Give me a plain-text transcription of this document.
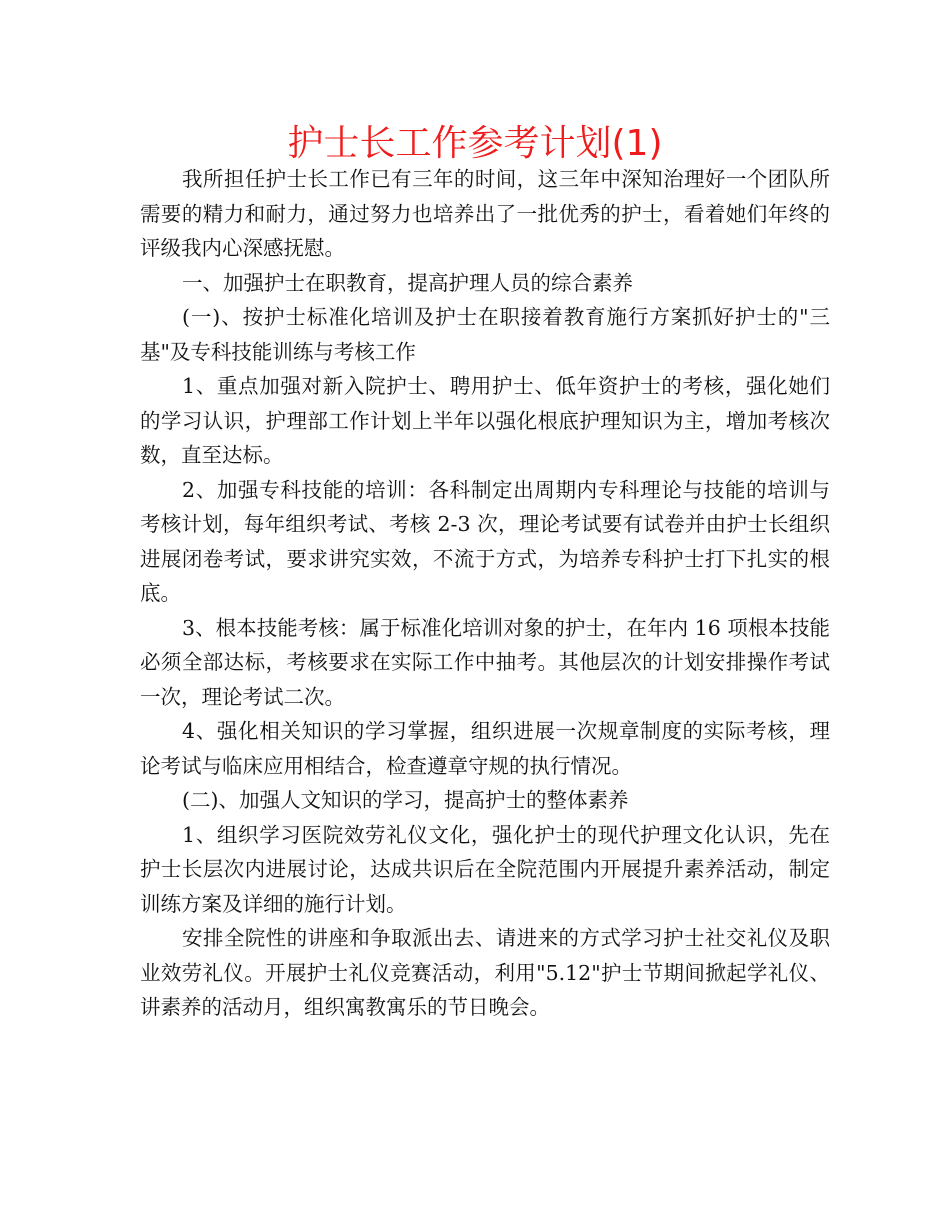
护士长工作参考计划(1)

我所担任护士长工作已有三年的时间，这三年中深知治理好一个团队所需要的精力和耐力，通过努力也培养出了一批优秀的护士，看着她们年终的评级我内心深感抚慰。

一、加强护士在职教育，提高护理人员的综合素养

(一)、按护士标准化培训及护士在职接着教育施行方案抓好护士的"三基"及专科技能训练与考核工作

1、重点加强对新入院护士、聘用护士、低年资护士的考核，强化她们的学习认识，护理部工作计划上半年以强化根底护理知识为主，增加考核次数，直至达标。

2、加强专科技能的培训：各科制定出周期内专科理论与技能的培训与考核计划，每年组织考试、考核 2-3 次，理论考试要有试卷并由护士长组织进展闭卷考试，要求讲究实效，不流于方式，为培养专科护士打下扎实的根底。

3、根本技能考核：属于标准化培训对象的护士，在年内 16 项根本技能必须全部达标，考核要求在实际工作中抽考。其他层次的计划安排操作考试一次，理论考试二次。

4、强化相关知识的学习掌握，组织进展一次规章制度的实际考核，理论考试与临床应用相结合，检查遵章守规的执行情况。

(二)、加强人文知识的学习，提高护士的整体素养

1、组织学习医院效劳礼仪文化，强化护士的现代护理文化认识，先在护士长层次内进展讨论，达成共识后在全院范围内开展提升素养活动，制定训练方案及详细的施行计划。

安排全院性的讲座和争取派出去、请进来的方式学习护士社交礼仪及职业效劳礼仪。开展护士礼仪竞赛活动，利用"5.12"护士节期间掀起学礼仪、讲素养的活动月，组织寓教寓乐的节日晚会。
